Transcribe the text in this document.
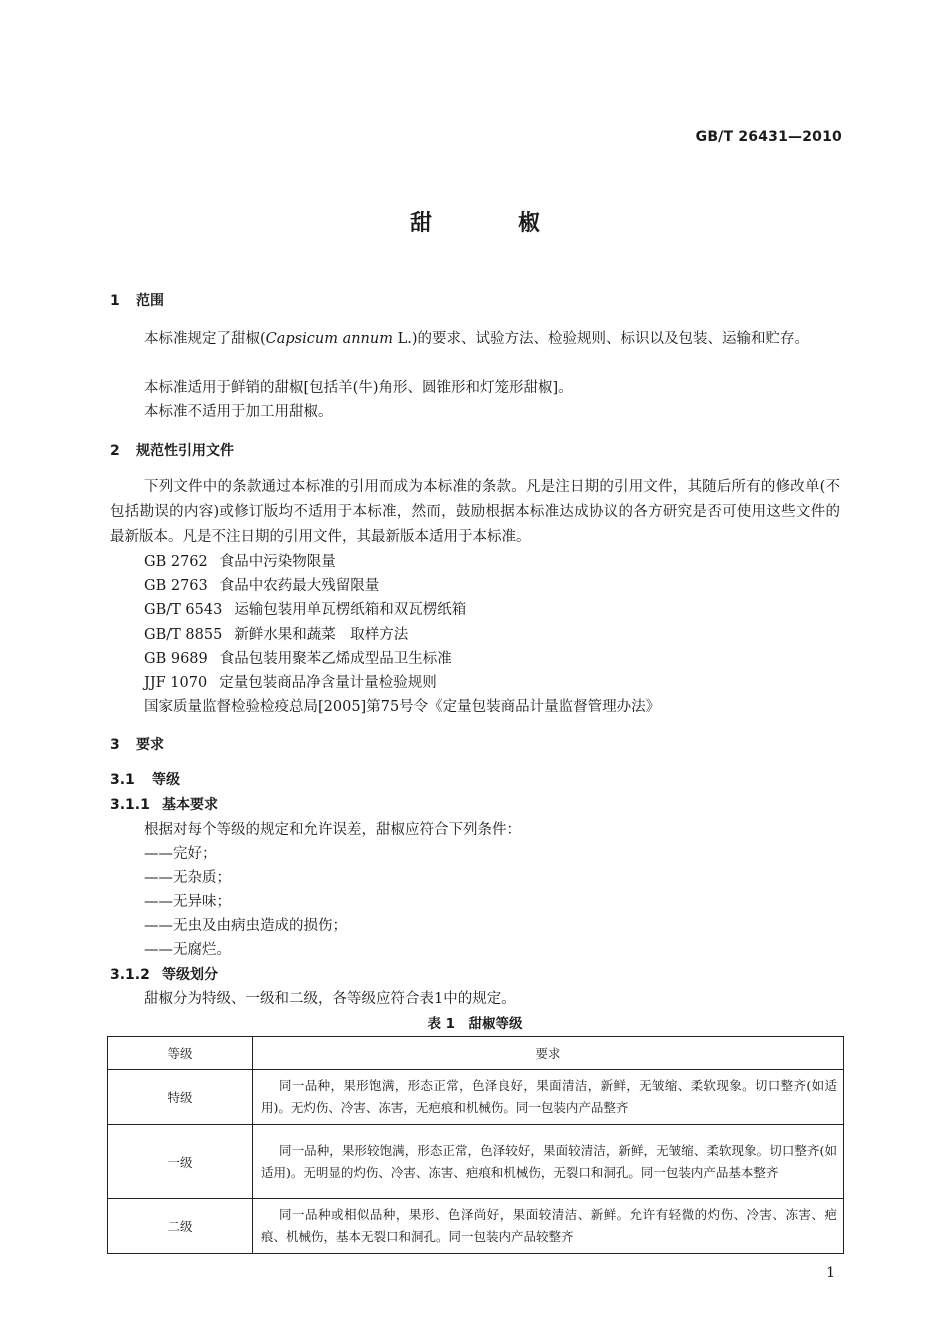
GB/T 26431—2010
甜	椒
1 范围
本标准规定了甜椒(Capsicum annum L.)的要求、试验方法、检验规则、标识以及包装、运输和贮存。
本标准适用于鲜销的甜椒[包括羊(牛)角形、圆锥形和灯笼形甜椒]。
本标准不适用于加工用甜椒。
2 规范性引用文件
下列文件中的条款通过本标准的引用而成为本标准的条款。凡是注日期的引用文件，其随后所有的修改单(不包括勘误的内容)或修订版均不适用于本标准，然而，鼓励根据本标准达成协议的各方研究是否可使用这些文件的最新版本。凡是不注日期的引用文件，其最新版本适用于本标准。
GB 2762 食品中污染物限量
GB 2763 食品中农药最大残留限量
GB/T 6543 运输包装用单瓦楞纸箱和双瓦楞纸箱
GB/T 8855 新鲜水果和蔬菜　取样方法
GB 9689 食品包装用聚苯乙烯成型品卫生标准
JJF 1070 定量包装商品净含量计量检验规则
国家质量监督检验检疫总局[2005]第75号令《定量包装商品计量监督管理办法》
3 要求
3.1 等级
3.1.1 基本要求
根据对每个等级的规定和允许误差，甜椒应符合下列条件：
——完好；
——无杂质；
——无异味；
——无虫及由病虫造成的损伤；
——无腐烂。
3.1.2 等级划分
甜椒分为特级、一级和二级，各等级应符合表1中的规定。
表 1　甜椒等级
等级	要求
特级	同一品种，果形饱满，形态正常，色泽良好，果面清洁，新鲜，无皱缩、柔软现象。切口整齐(如适用)。无灼伤、冷害、冻害，无疤痕和机械伤。同一包装内产品整齐
一级	同一品种，果形较饱满，形态正常，色泽较好，果面较清洁，新鲜，无皱缩、柔软现象。切口整齐(如适用)。无明显的灼伤、冷害、冻害、疤痕和机械伤，无裂口和洞孔。同一包装内产品基本整齐
二级	同一品种或相似品种，果形、色泽尚好，果面较清洁、新鲜。允许有轻微的灼伤、冷害、冻害、疤痕、机械伤，基本无裂口和洞孔。同一包装内产品较整齐
1
